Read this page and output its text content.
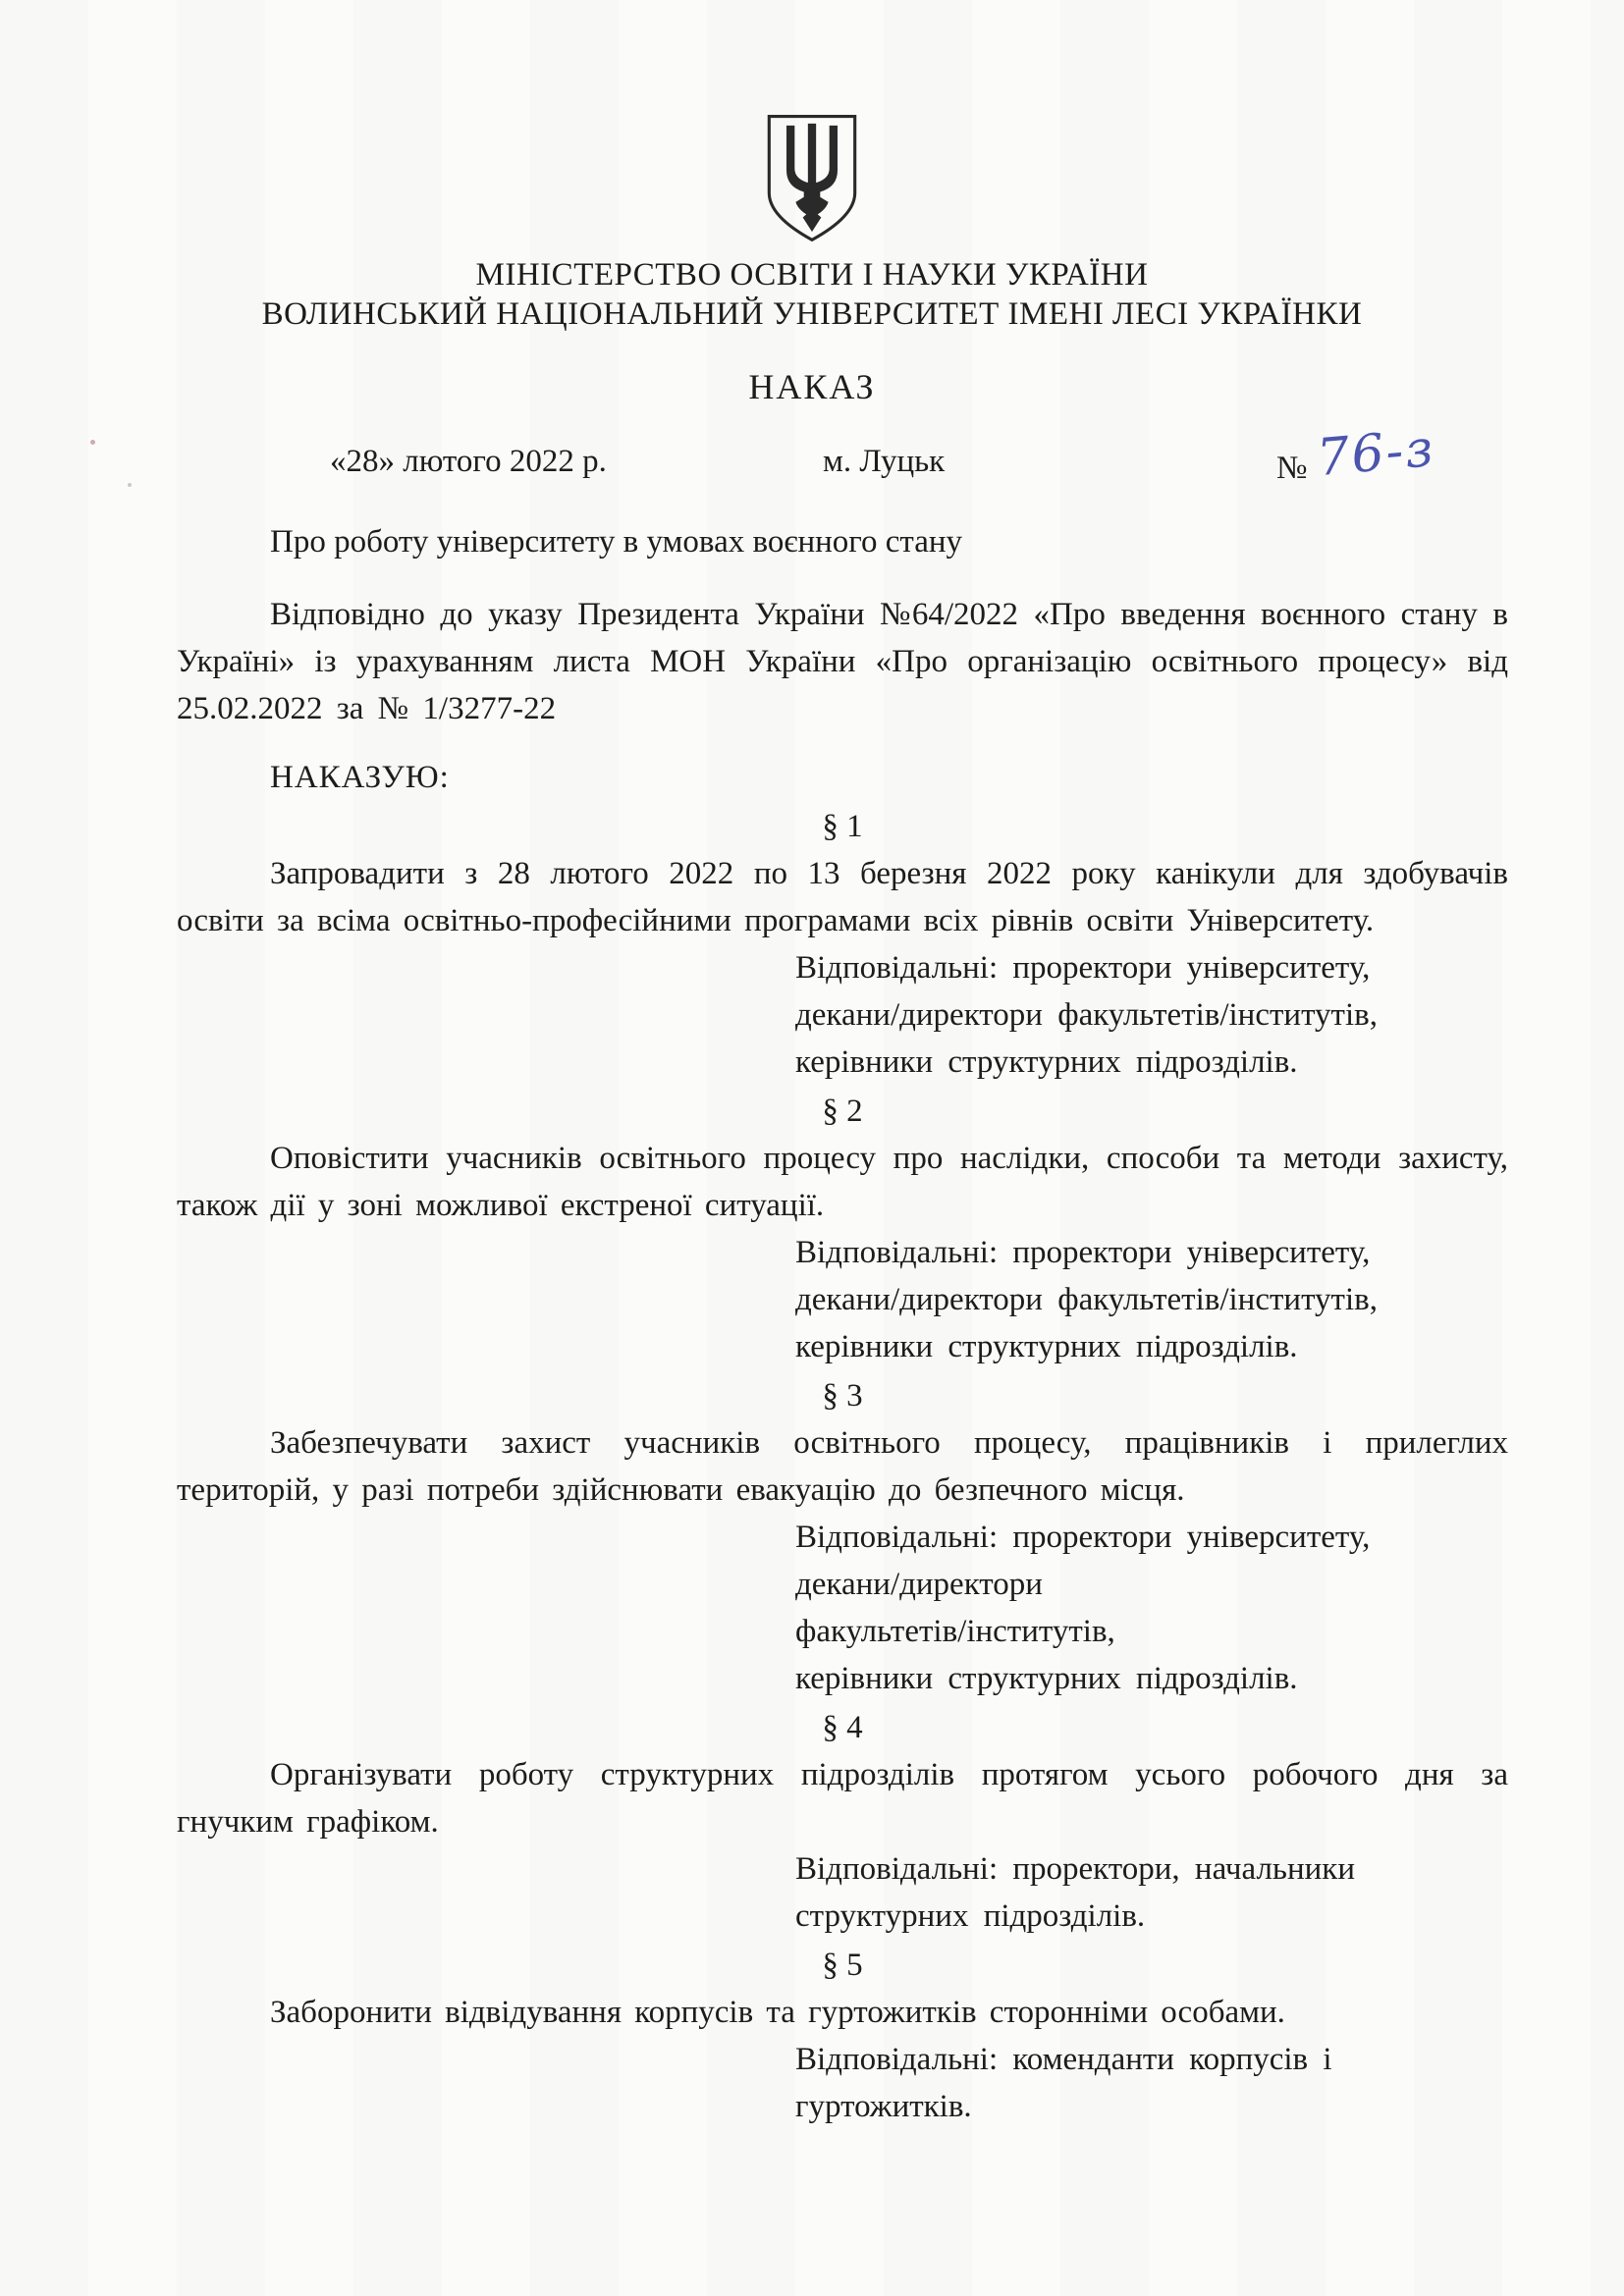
МІНІСТЕРСТВО ОСВІТИ І НАУКИ УКРАЇНИ
ВОЛИНСЬКИЙ НАЦІОНАЛЬНИЙ УНІВЕРСИТЕТ ІМЕНІ ЛЕСІ УКРАЇНКИ
НАКАЗ
«28» лютого 2022 р.	м. Луцьк	№ 76-з
Про роботу університету в умовах воєнного стану
Відповідно до указу Президента України №64/2022 «Про введення воєнного стану в Україні» із урахуванням листа МОН України «Про організацію освітнього процесу» від 25.02.2022 за № 1/3277-22
НАКАЗУЮ:
§ 1
Запровадити з 28 лютого 2022 по 13 березня 2022 року канікули для здобувачів освіти за всіма освітньо-професійними програмами всіх рівнів освіти Університету.
Відповідальні: проректори університету,
декани/директори факультетів/інститутів,
керівники структурних підрозділів.
§ 2
Оповістити учасників освітнього процесу про наслідки, способи та методи захисту, також дії у зоні можливої екстреної ситуації.
Відповідальні: проректори університету,
декани/директори факультетів/інститутів,
керівники структурних підрозділів.
§ 3
Забезпечувати захист учасників освітнього процесу, працівників і прилеглих територій, у разі потреби здійснювати евакуацію до безпечного місця.
Відповідальні: проректори університету,
декани/директори
факультетів/інститутів,
керівники структурних підрозділів.
§ 4
Організувати роботу структурних підрозділів протягом усього робочого дня за гнучким графіком.
Відповідальні: проректори, начальники
структурних підрозділів.
§ 5
Заборонити відвідування корпусів та гуртожитків сторонніми особами.
Відповідальні: коменданти корпусів і
гуртожитків.
